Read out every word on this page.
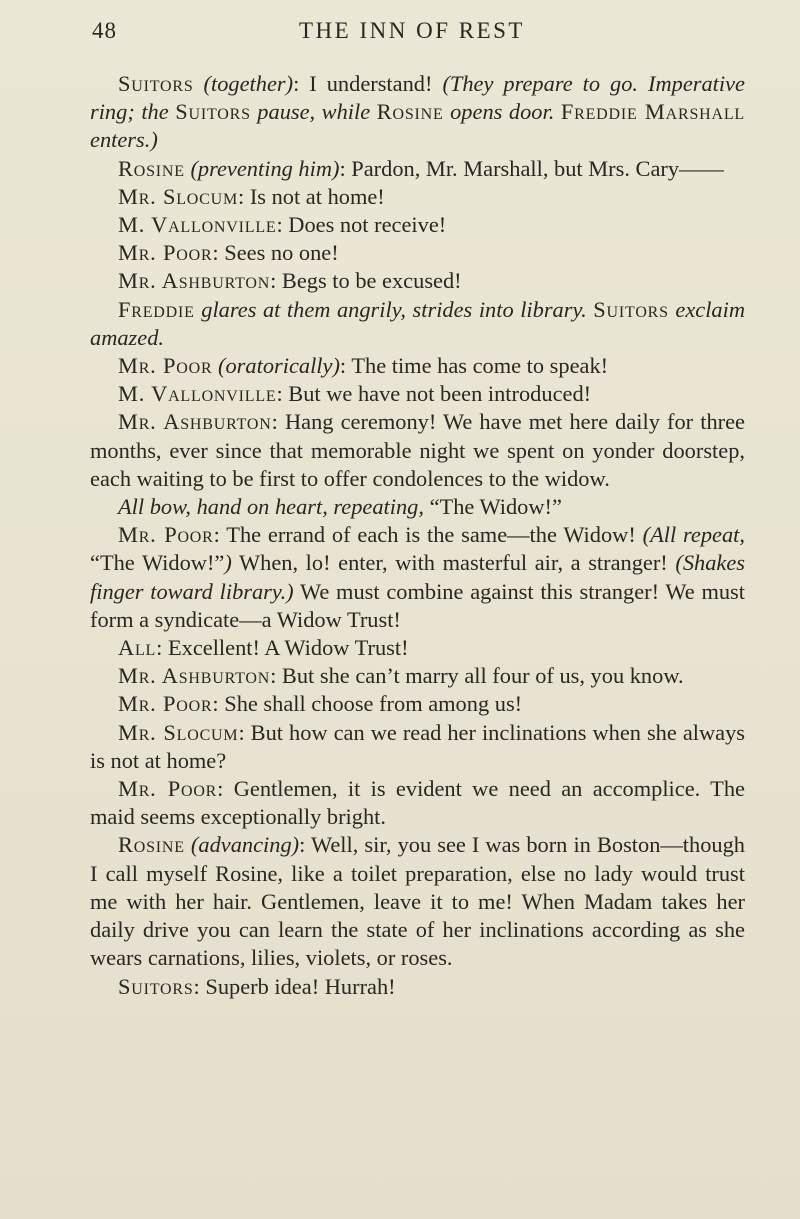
48	THE INN OF REST

Suitors (together): I understand! (They prepare to go. Imperative ring; the Suitors pause, while Rosine opens door. Freddie Marshall enters.)

Rosine (preventing him): Pardon, Mr. Marshall, but Mrs. Cary——

Mr. Slocum: Is not at home!

M. Vallonville: Does not receive!

Mr. Poor: Sees no one!

Mr. Ashburton: Begs to be excused!

Freddie glares at them angrily, strides into library. Suitors exclaim amazed.

Mr. Poor (oratorically): The time has come to speak!

M. Vallonville: But we have not been introduced!

Mr. Ashburton: Hang ceremony! We have met here daily for three months, ever since that memorable night we spent on yonder doorstep, each waiting to be first to offer condolences to the widow.

All bow, hand on heart, repeating, “The Widow!”

Mr. Poor: The errand of each is the same—the Widow! (All repeat, “The Widow!”) When, lo! enter, with masterful air, a stranger! (Shakes finger toward library.) We must combine against this stranger! We must form a syndicate—a Widow Trust!

All: Excellent! A Widow Trust!

Mr. Ashburton: But she can’t marry all four of us, you know.

Mr. Poor: She shall choose from among us!

Mr. Slocum: But how can we read her inclinations when she always is not at home?

Mr. Poor: Gentlemen, it is evident we need an accomplice. The maid seems exceptionally bright.

Rosine (advancing): Well, sir, you see I was born in Boston—though I call myself Rosine, like a toilet preparation, else no lady would trust me with her hair. Gentlemen, leave it to me! When Madam takes her daily drive you can learn the state of her inclinations according as she wears carnations, lilies, violets, or roses.

Suitors: Superb idea! Hurrah!
